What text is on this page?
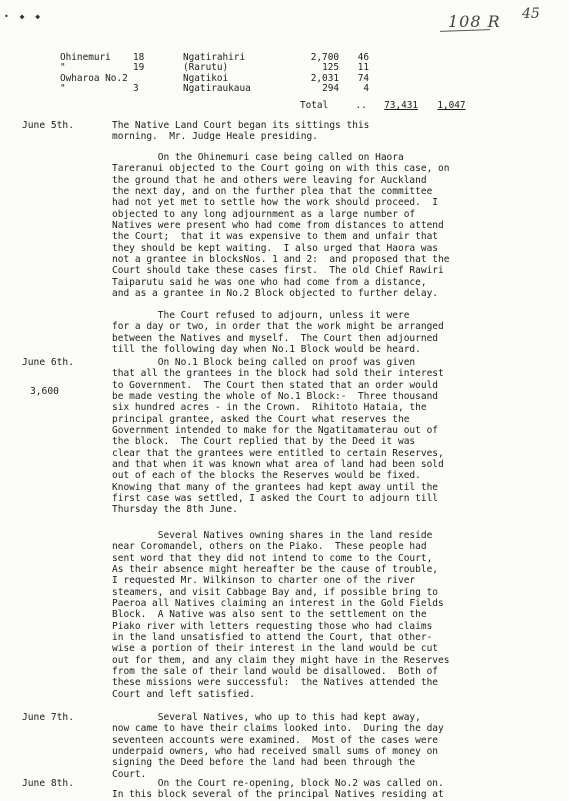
• ◆ ◆	108 R 45
Ohinemuri	18	Ngatirahiri	2,700	46
"	19	(Rarutu)	125	11
Owharoa No.2		Ngatikoi	2,031	74
"	3	Ngatiraukaua	294	4
Total	.. 73,431 1,047
June 5th.	The Native Land Court began its sittings this

morning.  Mr. Judge Heale presiding.

On the Ohinemuri case being called on Haora

Tareranui objected to the Court going on with this case, on

the ground that he and others were leaving for Auckland

the next day, and on the further plea that the committee

had not yet met to settle how the work should proceed.  I

objected to any long adjournment as a large number of

Natives were present who had come from distances to attend

the Court;  that it was expensive to them and unfair that

they should be kept waiting.  I also urged that Haora was

not a grantee in blocksNos. 1 and 2:  and proposed that the

Court should take these cases first.  The old Chief Rawiri

Taiparutu said he was one who had come from a distance,

and as a grantee in No.2 Block objected to further delay.

The Court refused to adjourn, unless it were

for a day or two, in order that the work might be arranged

between the Natives and myself.  The Court then adjourned

till the following day when No.1 Block would be heard.

June 6th.
3,600

On No.1 Block being called on proof was given

that all the grantees in the block had sold their interest

to Government.  The Court then stated that an order would

be made vesting the whole of No.1 Block:-  Three thousand

six hundred acres - in the Crown.  Rihitoto Hataia, the

principal grantee, asked the Court what reserves the

Government intended to make for the Ngatitamaterau out of

the block.  The Court replied that by the Deed it was

clear that the grantees were entitled to certain Reserves,

and that when it was known what area of land had been sold

out of each of the blocks the Reserves would be fixed.

Knowing that many of the grantees had kept away until the

first case was settled, I asked the Court to adjourn till

Thursday the 8th June.

Several Natives owning shares in the land reside

near Coromandel, others on the Piako.  These people had

sent word that they did not intend to come to the Court,

As their absence might hereafter be the cause of trouble,

I requested Mr. Wilkinson to charter one of the river

steamers, and visit Cabbage Bay and, if possible bring to

Paeroa all Natives claiming an interest in the Gold Fields

Block.  A Native was also sent to the settlement on the

Piako river with letters requesting those who had claims

in the land unsatisfied to attend the Court, that other-

wise a portion of their interest in the land would be cut

out for them, and any claim they might have in the Reserves

from the sale of their land would be disallowed.  Both of

these missions were successful:  the Natives attended the

Court and left satisfied.

June 7th.	Several Natives, who up to this had kept away,

now came to have their claims looked into.  During the day

seventeen accounts were examined.  Most of the cases were

underpaid owners, who had received small sums of money on

signing the Deed before the land had been through the

Court.

June 8th.	On the Court re-opening, block No.2 was called on.

In this block several of the principal Natives residing at
